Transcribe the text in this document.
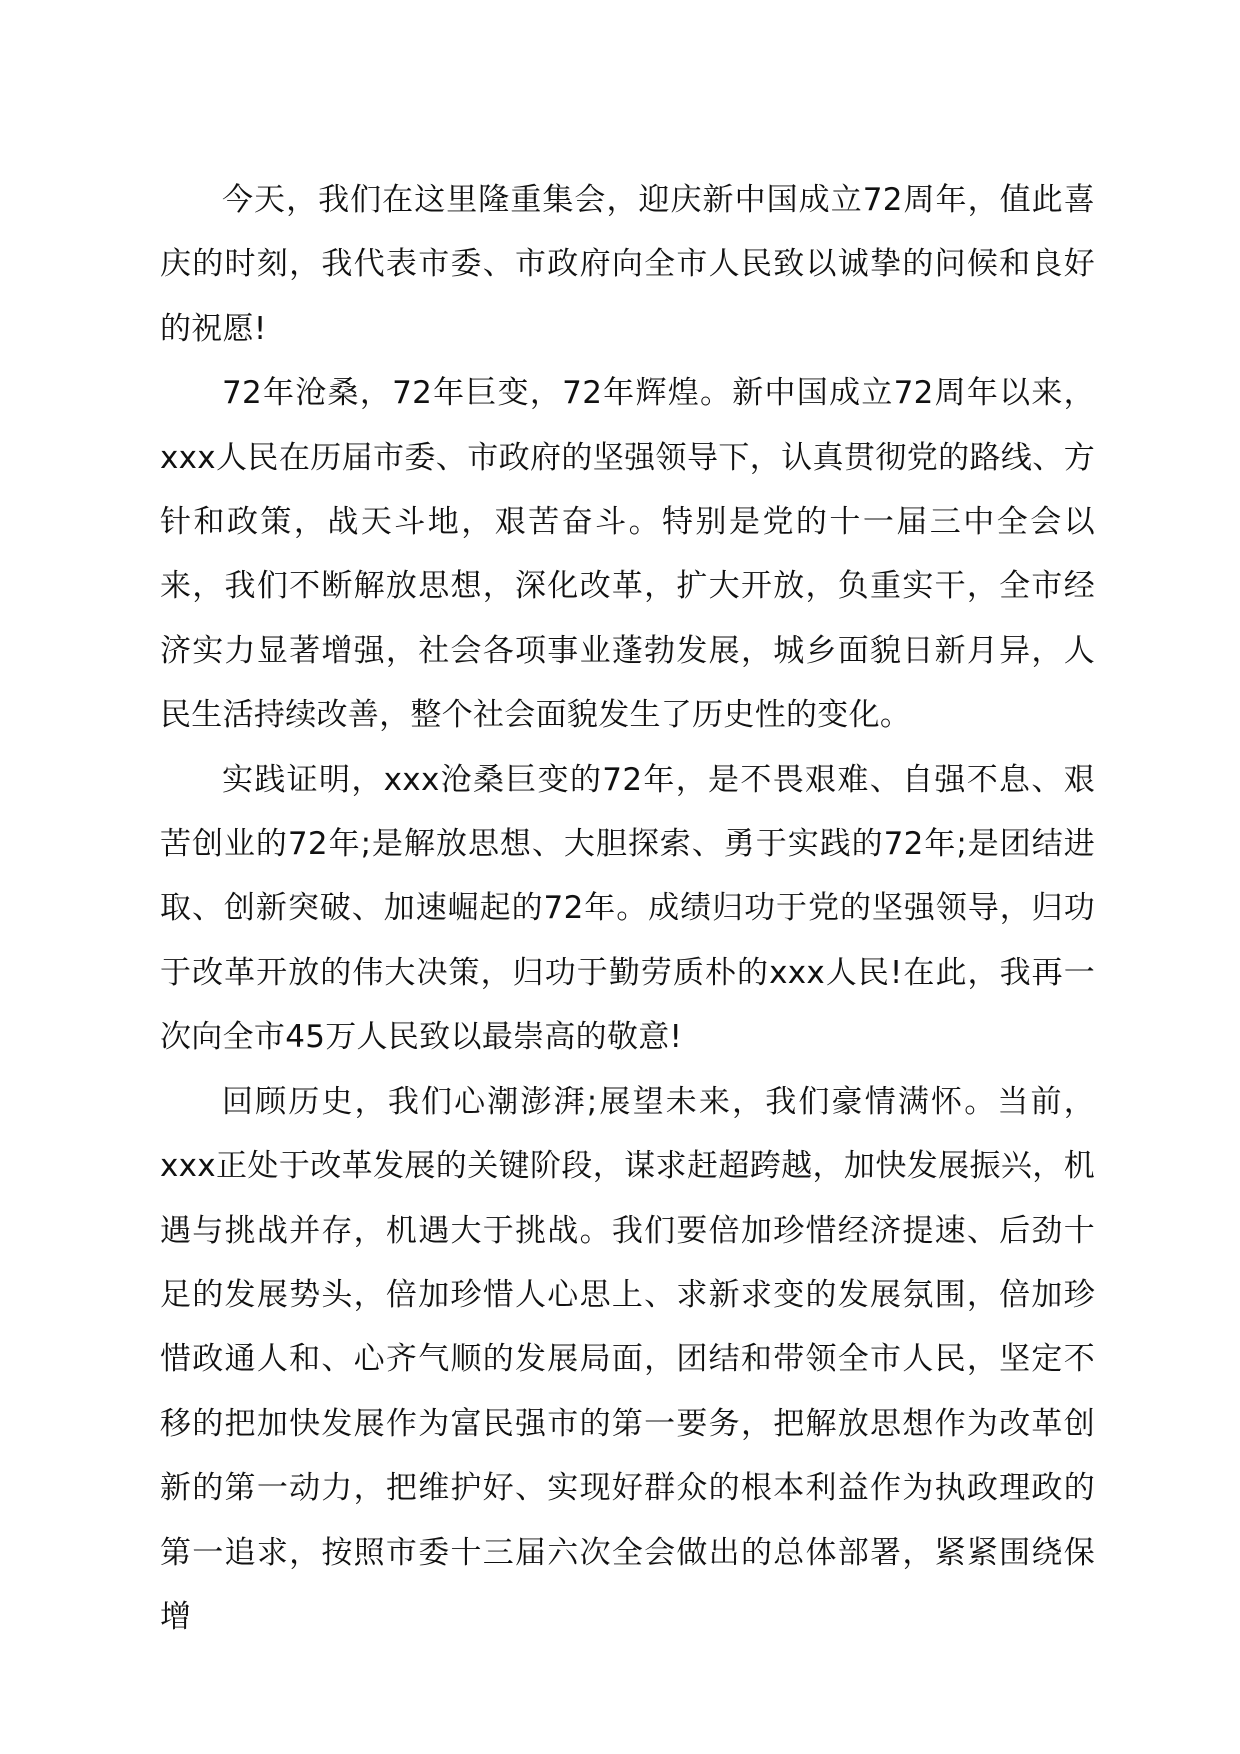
今天，我们在这里隆重集会，迎庆新中国成立72周年，值此喜庆的时刻，我代表市委、市政府向全市人民致以诚挚的问候和良好的祝愿!

72年沧桑，72年巨变，72年辉煌。新中国成立72周年以来，xxx人民在历届市委、市政府的坚强领导下，认真贯彻党的路线、方针和政策，战天斗地，艰苦奋斗。特别是党的十一届三中全会以来，我们不断解放思想，深化改革，扩大开放，负重实干，全市经济实力显著增强，社会各项事业蓬勃发展，城乡面貌日新月异，人民生活持续改善，整个社会面貌发生了历史性的变化。

实践证明，xxx沧桑巨变的72年，是不畏艰难、自强不息、艰苦创业的72年;是解放思想、大胆探索、勇于实践的72年;是团结进取、创新突破、加速崛起的72年。成绩归功于党的坚强领导，归功于改革开放的伟大决策，归功于勤劳质朴的xxx人民!在此，我再一次向全市45万人民致以最崇高的敬意!

回顾历史，我们心潮澎湃;展望未来，我们豪情满怀。当前，xxx正处于改革发展的关键阶段，谋求赶超跨越，加快发展振兴，机遇与挑战并存，机遇大于挑战。我们要倍加珍惜经济提速、后劲十足的发展势头，倍加珍惜人心思上、求新求变的发展氛围，倍加珍惜政通人和、心齐气顺的发展局面，团结和带领全市人民，坚定不移的把加快发展作为富民强市的第一要务，把解放思想作为改革创新的第一动力，把维护好、实现好群众的根本利益作为执政理政的第一追求，按照市委十三届六次全会做出的总体部署，紧紧围绕保增
